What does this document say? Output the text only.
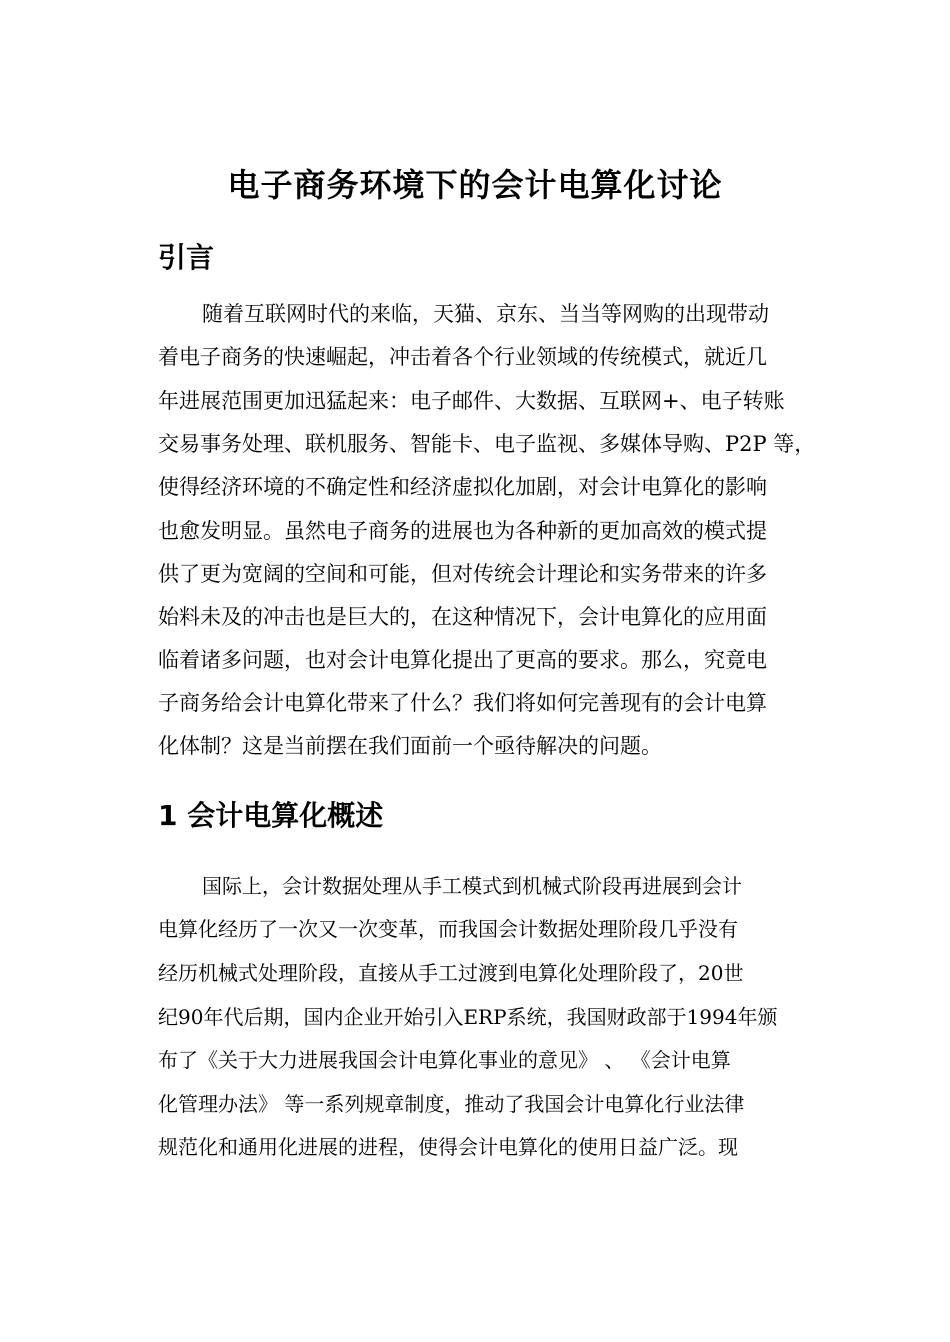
电子商务环境下的会计电算化讨论
引言
随着互联网时代的来临，天猫、京东、当当等网购的出现带动
着电子商务的快速崛起，冲击着各个行业领域的传统模式，就近几
年进展范围更加迅猛起来：电子邮件、大数据、互联网+、电子转账
交易事务处理、联机服务、智能卡、电子监视、多媒体导购、P2P 等，
使得经济环境的不确定性和经济虚拟化加剧，对会计电算化的影响
也愈发明显。虽然电子商务的进展也为各种新的更加高效的模式提
供了更为宽阔的空间和可能，但对传统会计理论和实务带来的许多
始料未及的冲击也是巨大的，在这种情况下，会计电算化的应用面
临着诸多问题，也对会计电算化提出了更高的要求。那么，究竟电
子商务给会计电算化带来了什么？我们将如何完善现有的会计电算
化体制？这是当前摆在我们面前一个亟待解决的问题。
1 会计电算化概述
国际上，会计数据处理从手工模式到机械式阶段再进展到会计
电算化经历了一次又一次变革，而我国会计数据处理阶段几乎没有
经历机械式处理阶段，直接从手工过渡到电算化处理阶段了，20世
纪90年代后期，国内企业开始引入ERP系统，我国财政部于1994年颁
布了《关于大力进展我国会计电算化事业的意见》 、 《会计电算
化管理办法》 等一系列规章制度，推动了我国会计电算化行业法律
规范化和通用化进展的进程，使得会计电算化的使用日益广泛。现
